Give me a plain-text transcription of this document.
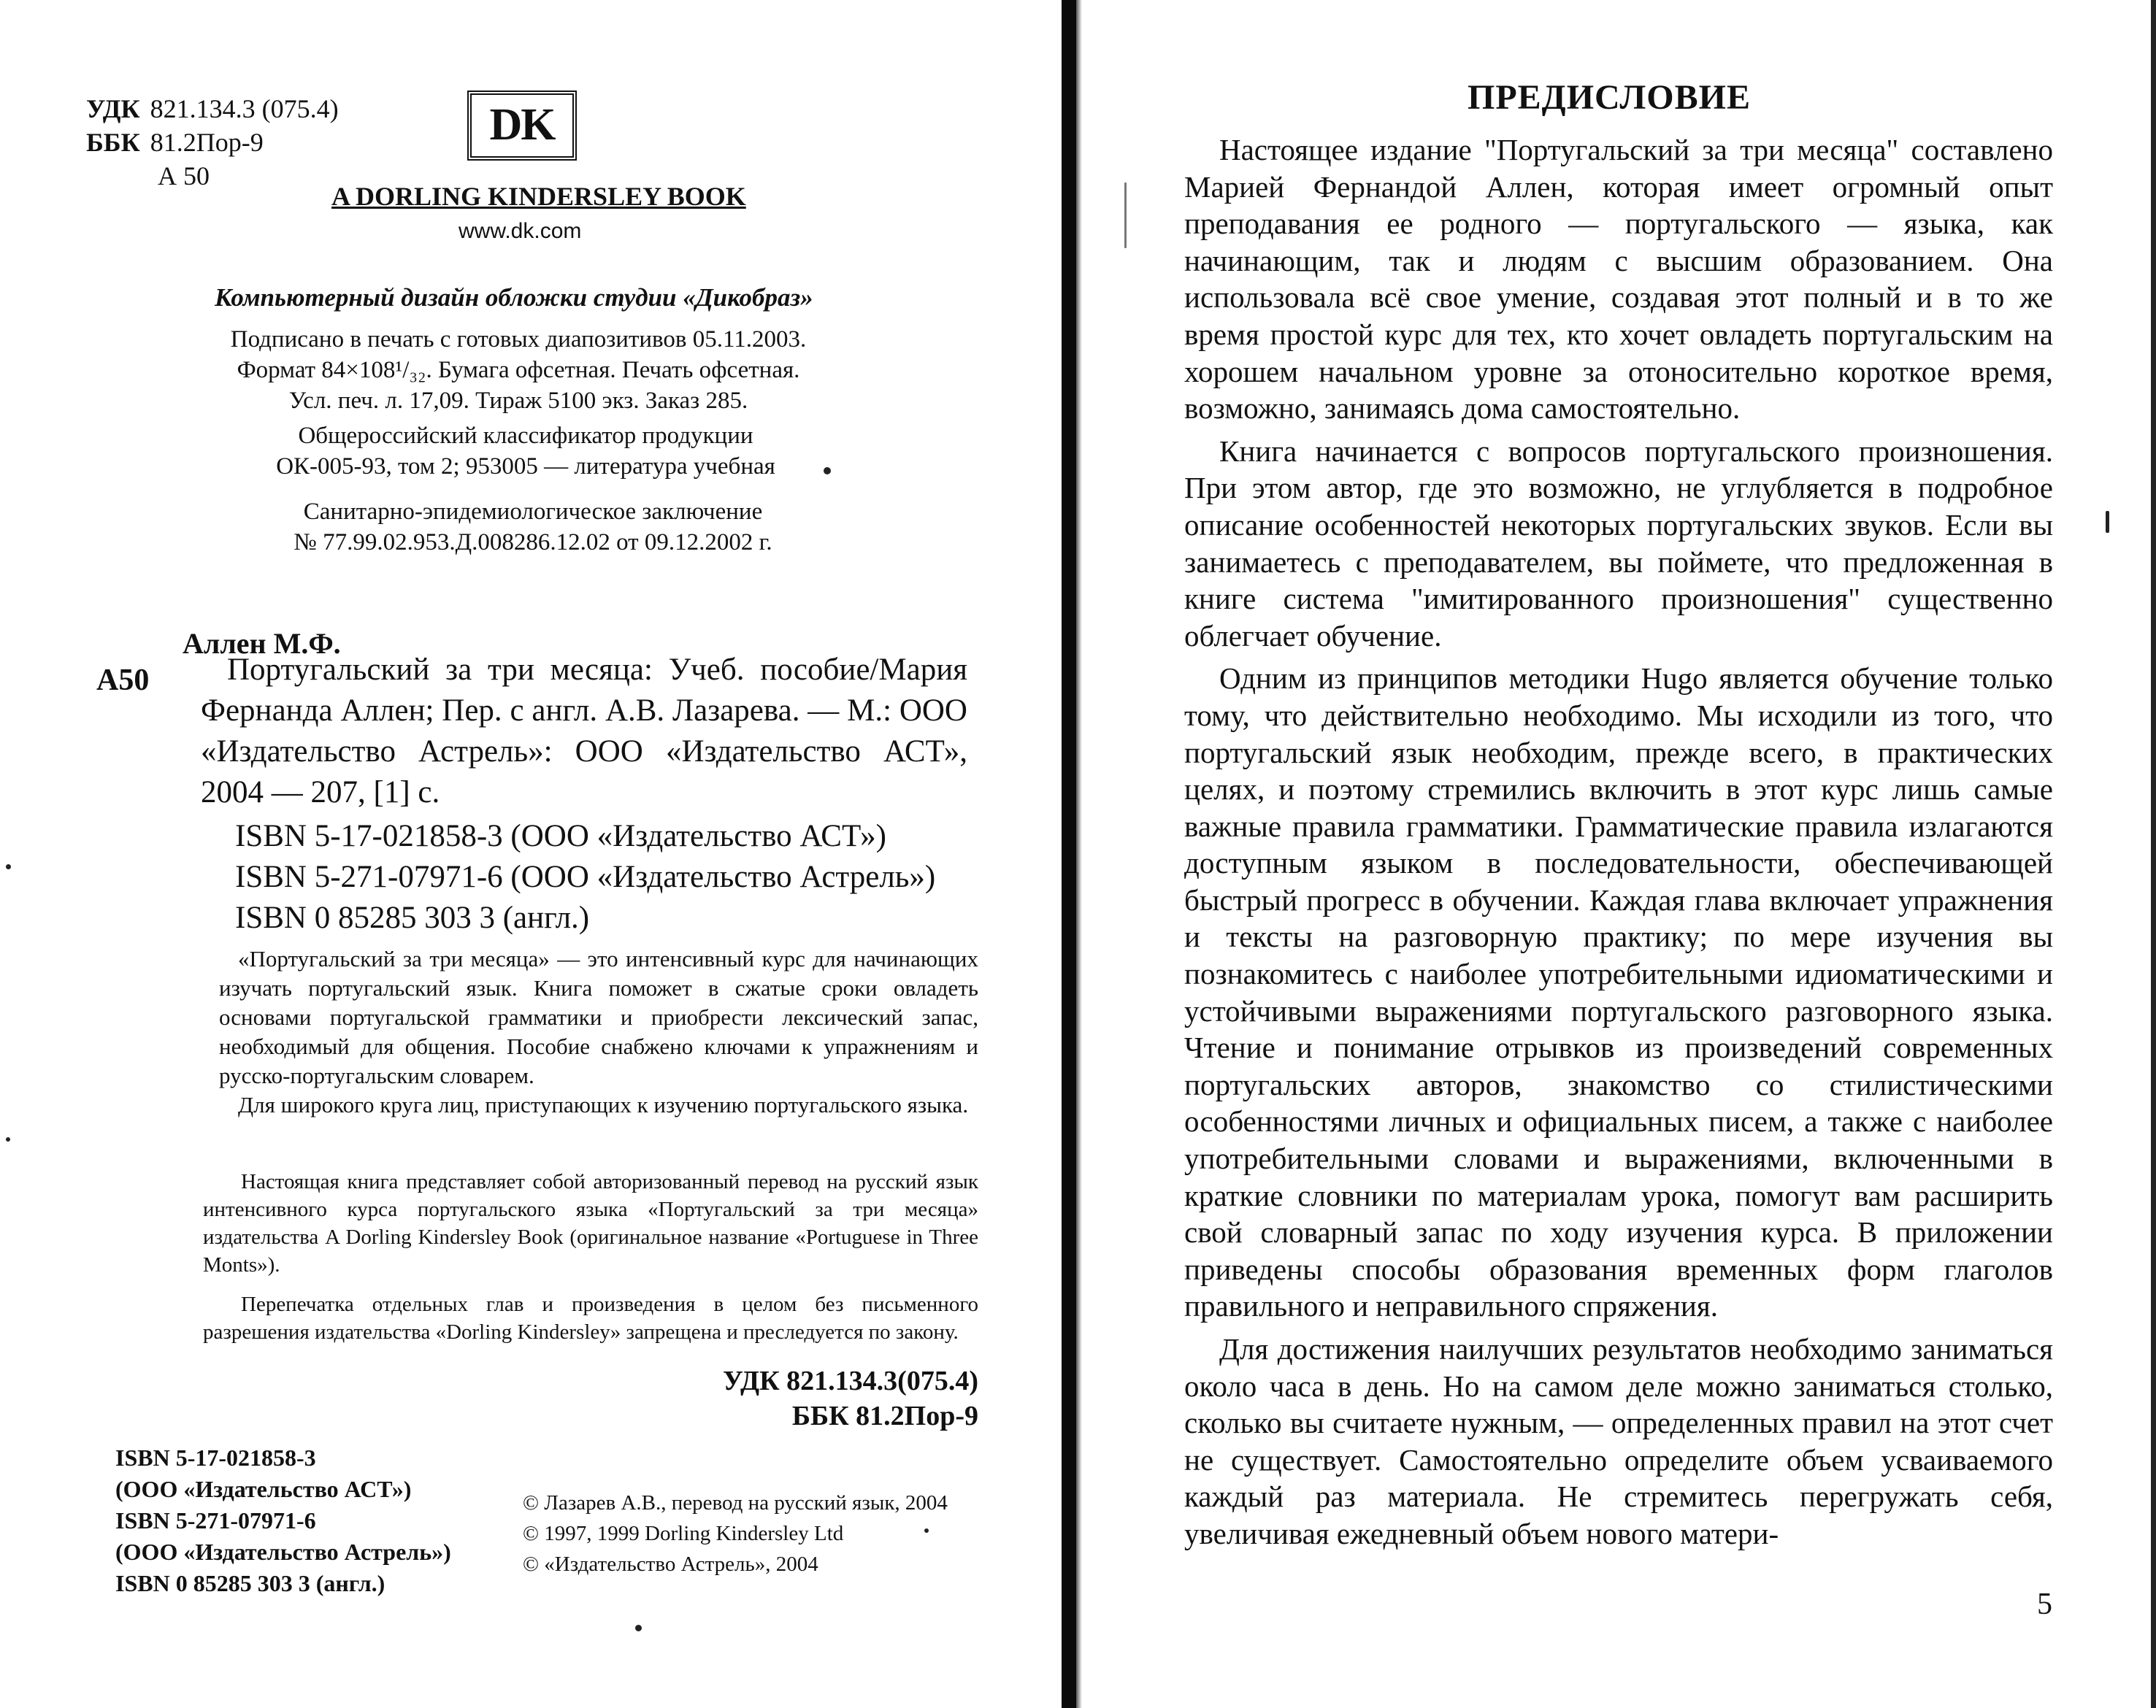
УДК 821.134.3 (075.4)
ББК 81.2Пор-9
А 50
DK
A DORLING KINDERSLEY BOOK
www.dk.com
Компьютерный дизайн обложки студии «Дикобраз»
Подписано в печать с готовых диапозитивов 05.11.2003.
Формат 84×108¹/₃₂. Бумага офсетная. Печать офсетная.
Усл. печ. л. 17,09. Тираж 5100 экз. Заказ 285.
Общероссийский классификатор продукции
ОК-005-93, том 2; 953005 — литература учебная
Санитарно-эпидемиологическое заключение
№ 77.99.02.953.Д.008286.12.02 от 09.12.2002 г.
Аллен М.Ф.
А50	Португальский за три месяца: Учеб. пособие/Мария Фернанда Аллен; Пер. с англ. А.В. Лазарева. — М.: ООО «Издательство Астрель»: ООО «Издательство АСТ», 2004 — 207, [1] с.
ISBN 5-17-021858-3 (ООО «Издательство АСТ»)
ISBN 5-271-07971-6 (ООО «Издательство Астрель»)
ISBN 0 85285 303 3 (англ.)

«Португальский за три месяца» — это интенсивный курс для начинающих изучать португальский язык. Книга поможет в сжатые сроки овладеть основами португальской грамматики и приобрести лексический запас, необходимый для общения. Пособие снабжено ключами к упражнениям и русско-португальским словарем.

Для широкого круга лиц, приступающих к изучению португальского языка.

Настоящая книга представляет собой авторизованный перевод на русский язык интенсивного курса португальского языка «Португальский за три месяца» издательства A Dorling Kindersley Book (оригинальное название «Portuguese in Three Monts»).

Перепечатка отдельных глав и произведения в целом без письменного разрешения издательства «Dorling Kindersley» запрещена и преследуется по закону.

УДК 821.134.3(075.4)
ББК 81.2Пор-9
ISBN 5-17-021858-3
(ООО «Издательство АСТ»)
ISBN 5-271-07971-6
(ООО «Издательство Астрель»)
ISBN 0 85285 303 3 (англ.)
© Лазарев А.В., перевод на русский язык, 2004
© 1997, 1999 Dorling Kindersley Ltd
© «Издательство Астрель», 2004
ПРЕДИСЛОВИЕ

Настоящее издание "Португальский за три месяца" составлено Марией Фернандой Аллен, которая имеет огромный опыт преподавания ее родного — португальского — языка, как начинающим, так и людям с высшим образованием. Она использовала всё свое умение, создавая этот полный и в то же время простой курс для тех, кто хочет овладеть португальским на хорошем начальном уровне за отоносительно короткое время, возможно, занимаясь дома самостоятельно.

Книга начинается с вопросов португальского произношения. При этом автор, где это возможно, не углубляется в подробное описание особенностей некоторых португальских звуков. Если вы занимаетесь с преподавателем, вы поймете, что предложенная в книге система "имитированного произношения" существенно облегчает обучение.

Одним из принципов методики Hugo является обучение только тому, что действительно необходимо. Мы исходили из того, что португальский язык необходим, прежде всего, в практических целях, и поэтому стремились включить в этот курс лишь самые важные правила грамматики. Грамматические правила излагаются доступным языком в последовательности, обеспечивающей быстрый прогресс в обучении. Каждая глава включает упражнения и тексты на разговорную практику; по мере изучения вы познакомитесь с наиболее употребительными идиоматическими и устойчивыми выражениями португальского разговорного языка. Чтение и понимание отрывков из произведений современных португальских авторов, знакомство со стилистическими особенностями личных и официальных писем, а также с наиболее употребительными словами и выражениями, включенными в краткие словники по материалам урока, помогут вам расширить свой словарный запас по ходу изучения курса. В приложении приведены способы образования временных форм глаголов правильного и неправильного спряжения.

Для достижения наилучших результатов необходимо заниматься около часа в день. Но на самом деле можно заниматься столько, сколько вы считаете нужным, — определенных правил на этот счет не существует. Самостоятельно определите объем усваиваемого каждый раз материала. Не стремитесь перегружать себя, увеличивая ежедневный объем нового матери-

5
